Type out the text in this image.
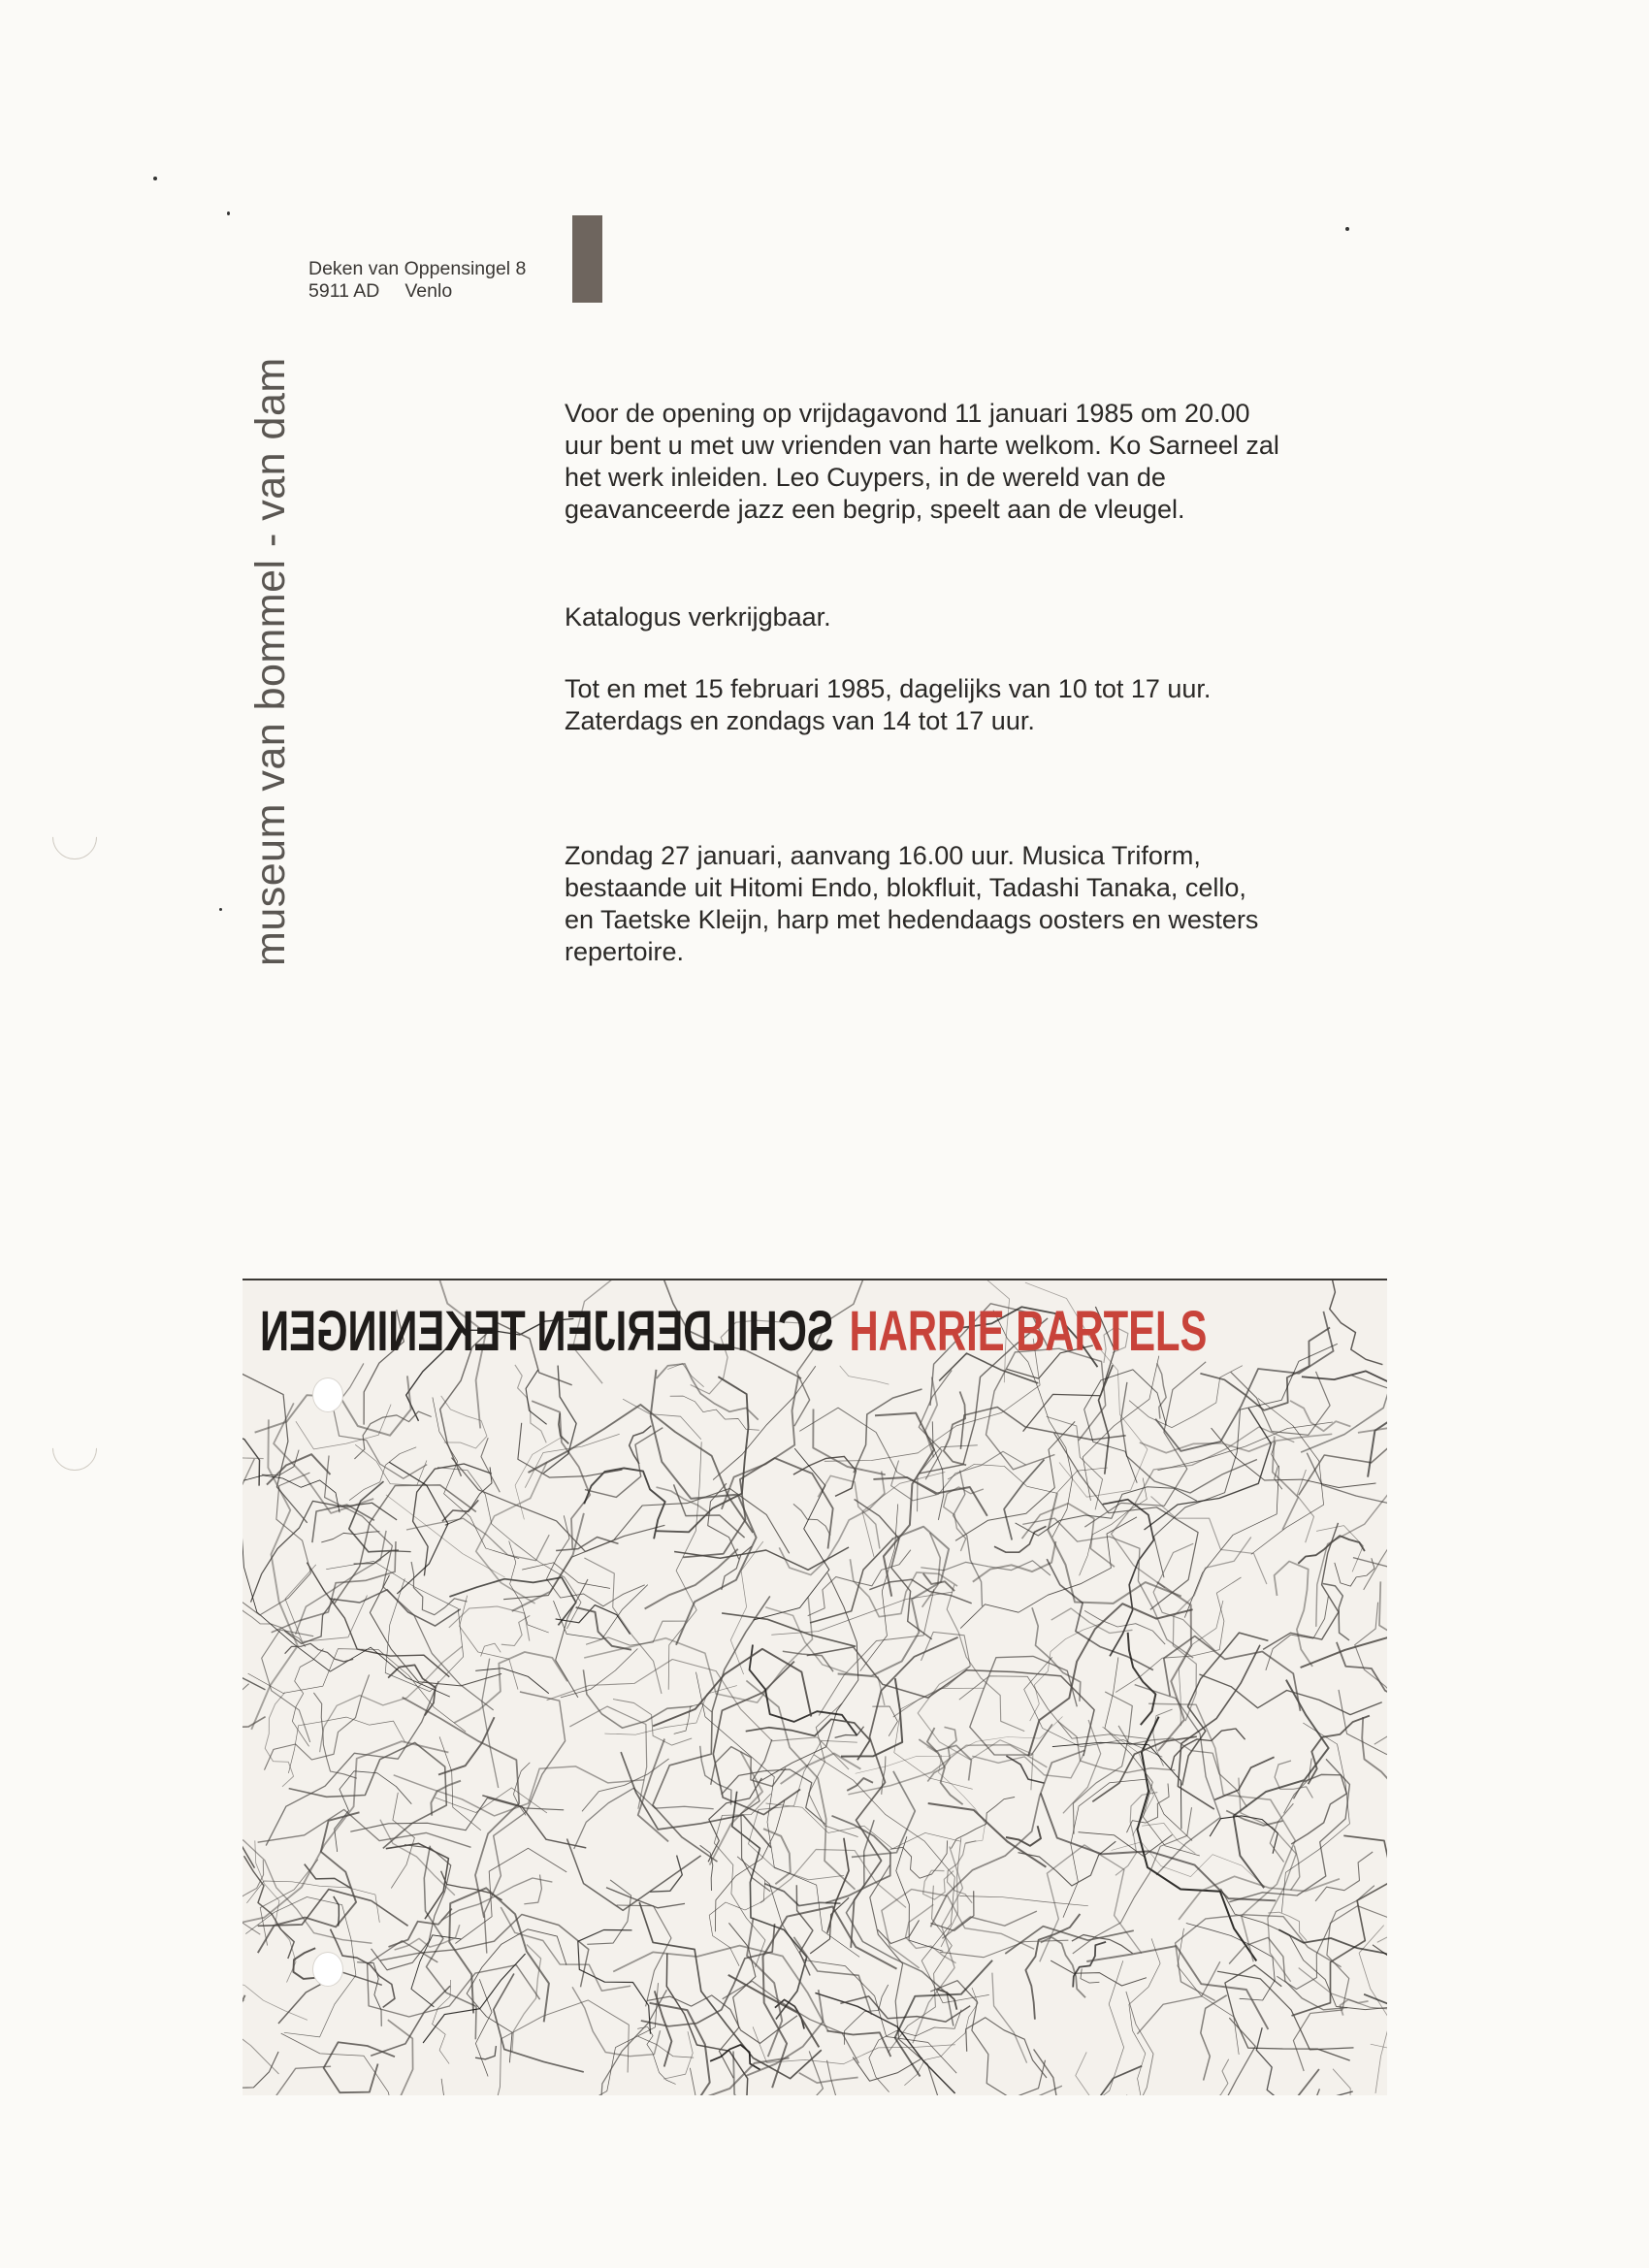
museum van bommel - van dam
Deken van Oppensingel 8
5911 AD Venlo

Voor de opening op vrijdagavond 11 januari 1985 om 20.00 uur bent u met uw vrienden van harte welkom. Ko Sarneel zal het werk inleiden. Leo Cuypers, in de wereld van de geavanceerde jazz een begrip, speelt aan de vleugel.

Katalogus verkrijgbaar.

Tot en met 15 februari 1985, dagelijks van 10 tot 17 uur. Zaterdags en zondags van 14 tot 17 uur.

Zondag 27 januari, aanvang 16.00 uur. Musica Triform, bestaande uit Hitomi Endo, blokfluit, Tadashi Tanaka, cello, en Taetske Kleijn, harp met hedendaags oosters en westers repertoire.

SCHILDERIJEN TEKENINGEN HARRIE BARTELS
